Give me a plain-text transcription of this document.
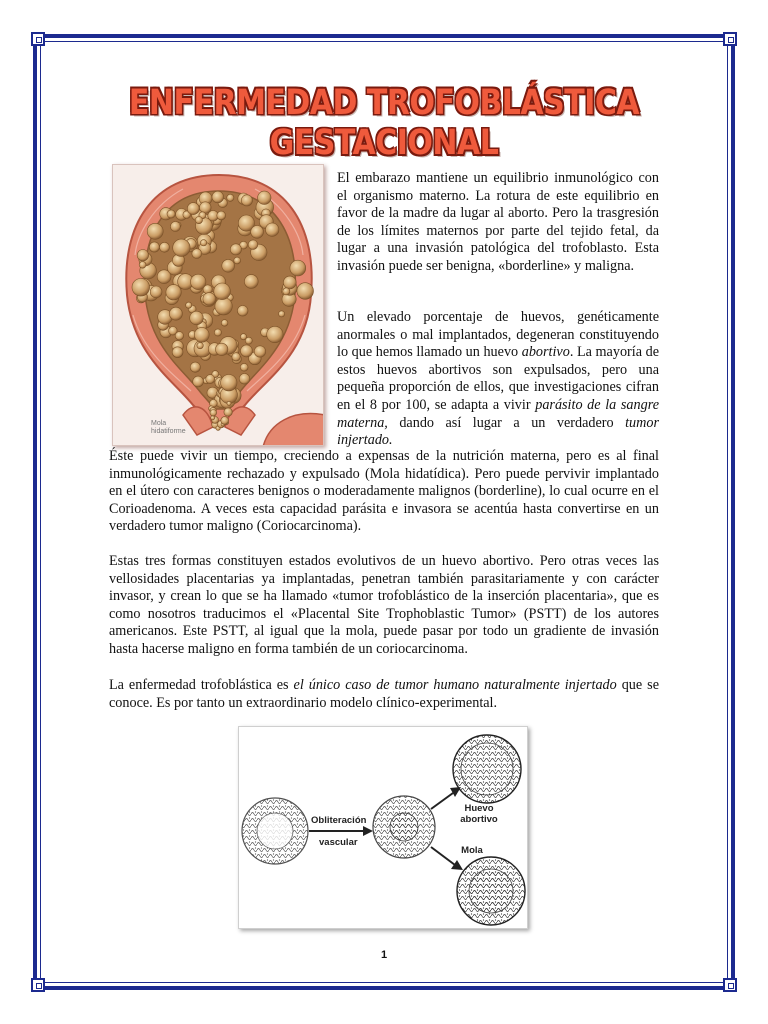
ENFERMEDAD TROFOBLÁSTICA GESTACIONAL
Mola
hidatiforme

El embarazo mantiene un equilibrio inmunológico con el organismo materno. La rotura de este equilibrio en favor de la madre da lugar al aborto. Pero la trasgresión de los límites maternos por parte del tejido fetal, da lugar a una invasión patológica del trofoblasto. Esta invasión puede ser benigna, «borderline» y maligna.

Un elevado porcentaje de huevos, genéticamente anormales o mal implantados, degeneran constituyendo lo que hemos llamado un huevo abortivo. La mayoría de estos huevos abortivos son expulsados, pero una pequeña proporción de ellos, que investigaciones cifran en el 8 por 100, se adapta a vivir parásito de la sangre materna, dando así lugar a un verdadero tumor injertado.

Éste puede vivir un tiempo, creciendo a expensas de la nutrición materna, pero es al final inmunológicamente rechazado y expulsado (Mola hidatídica). Pero puede pervivir implantado en el útero con caracteres benignos o moderadamente malignos (borderline), lo cual ocurre en el Corioadenoma. A veces esta capacidad parásita e invasora se acentúa hasta convertirse en un verdadero tumor maligno (Coriocarcinoma).

Estas tres formas constituyen estados evolutivos de un huevo abortivo. Pero otras veces las vellosidades placentarias ya implantadas, penetran también parasitariamente y con carácter invasor, y crean lo que se ha llamado «tumor trofoblástico de la inserción placentaria», que es como nosotros traducimos el «Placental Site Trophoblastic Tumor» (PSTT) de los autores americanos. Este PSTT, al igual que la mola, puede pasar por todo un gradiente de invasión hasta hacerse maligno en forma también de un coriocarcinoma.

La enfermedad trofoblástica es el único caso de tumor humano naturalmente injertado que se conoce. Es por tanto un extraordinario modelo clínico-experimental.

Obliteración
vascular
Huevo
abortivo
Mola
1
